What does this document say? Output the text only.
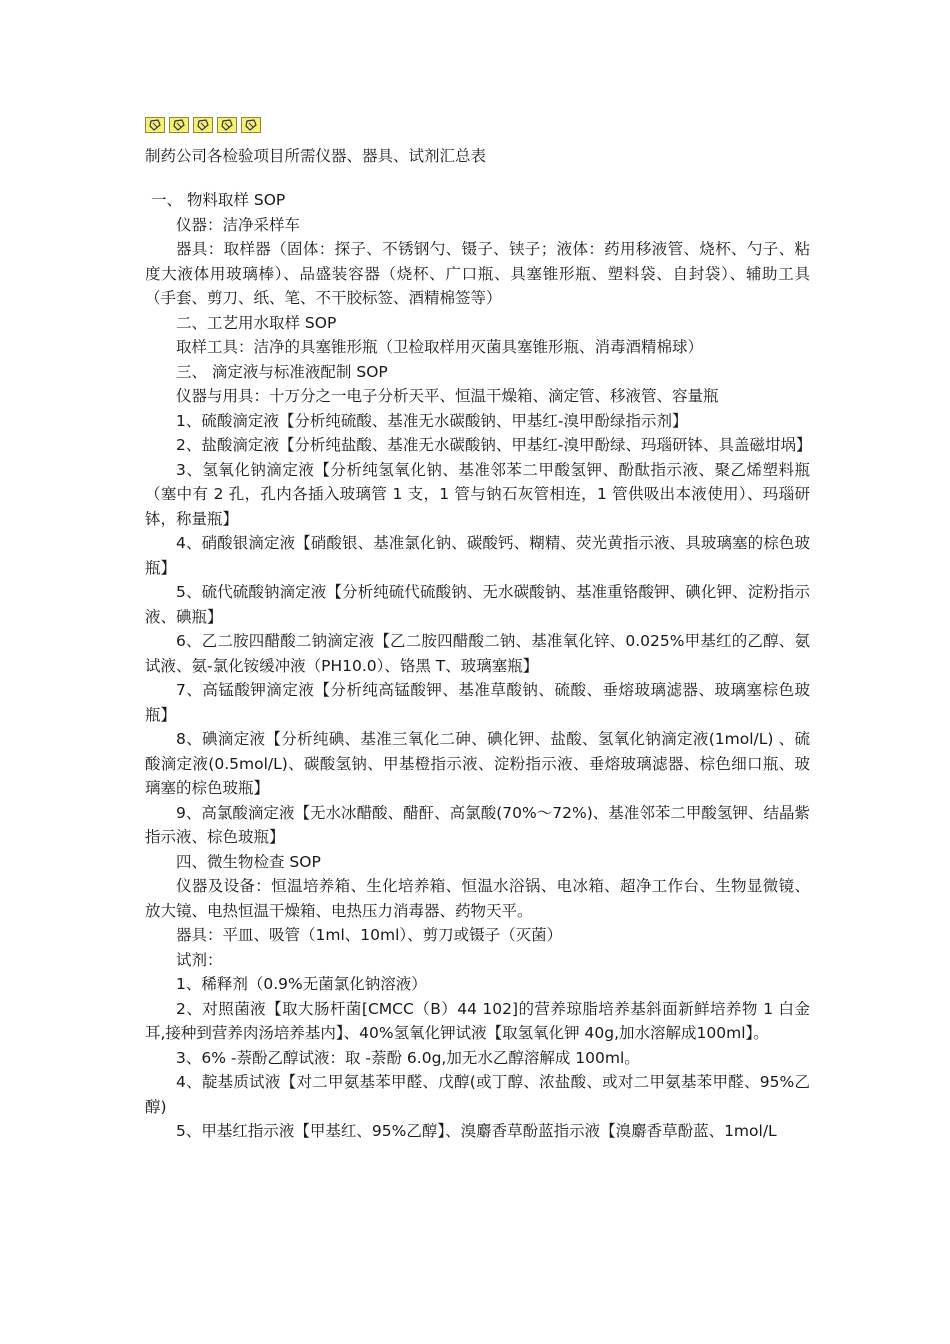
制药公司各检验项目所需仪器、器具、试剂汇总表

一、 物料取样 SOP

仪器：洁净采样车

器具：取样器（固体：探子、不锈钢勺、镊子、铗子；液体：药用移液管、烧杯、勺子、粘度大液体用玻璃棒）、品盛装容器（烧杯、广口瓶、具塞锥形瓶、塑料袋、自封袋）、辅助工具（手套、剪刀、纸、笔、不干胶标签、酒精棉签等）

二、工艺用水取样 SOP

取样工具：洁净的具塞锥形瓶（卫检取样用灭菌具塞锥形瓶、消毒酒精棉球）

三、 滴定液与标准液配制 SOP

仪器与用具：十万分之一电子分析天平、恒温干燥箱、滴定管、移液管、容量瓶

1、硫酸滴定液【分析纯硫酸、基准无水碳酸钠、甲基红-溴甲酚绿指示剂】

2、盐酸滴定液【分析纯盐酸、基准无水碳酸钠、甲基红-溴甲酚绿、玛瑙研钵、具盖磁坩埚】

3、氢氧化钠滴定液【分析纯氢氧化钠、基准邻苯二甲酸氢钾、酚酞指示液、聚乙烯塑料瓶（塞中有 2 孔，孔内各插入玻璃管 1 支，1 管与钠石灰管相连，1 管供吸出本液使用）、玛瑙研钵，称量瓶】

4、硝酸银滴定液【硝酸银、基准氯化钠、碳酸钙、糊精、荧光黄指示液、具玻璃塞的棕色玻瓶】

5、硫代硫酸钠滴定液【分析纯硫代硫酸钠、无水碳酸钠、基准重铬酸钾、碘化钾、淀粉指示液、碘瓶】

6、乙二胺四醋酸二钠滴定液【乙二胺四醋酸二钠、基准氧化锌、0.025%甲基红的乙醇、氨试液、氨-氯化铵缓冲液（PH10.0）、铬黑 T、玻璃塞瓶】

7、高锰酸钾滴定液【分析纯高锰酸钾、基准草酸钠、硫酸、垂熔玻璃滤器、玻璃塞棕色玻瓶】

8、碘滴定液【分析纯碘、基准三氧化二砷、碘化钾、盐酸、氢氧化钠滴定液(1mol/L) 、硫酸滴定液(0.5mol/L)、碳酸氢钠、甲基橙指示液、淀粉指示液、垂熔玻璃滤器、棕色细口瓶、玻璃塞的棕色玻瓶】

9、高氯酸滴定液【无水冰醋酸、醋酐、高氯酸(70%～72%)、基准邻苯二甲酸氢钾、结晶紫指示液、棕色玻瓶】

四、微生物检查 SOP

仪器及设备：恒温培养箱、生化培养箱、恒温水浴锅、电冰箱、超净工作台、生物显微镜、放大镜、电热恒温干燥箱、电热压力消毒器、药物天平。

器具：平皿、吸管（1ml、10ml）、剪刀或镊子（灭菌）

试剂：

1、稀释剂（0.9%无菌氯化钠溶液）

2、对照菌液【取大肠杆菌[CMCC（B）44 102]的营养琼脂培养基斜面新鲜培养物 1 白金耳,接种到营养肉汤培养基内】、40%氢氧化钾试液【取氢氧化钾 40g,加水溶解成100ml】。

3、6% -萘酚乙醇试液：取 -萘酚 6.0g,加无水乙醇溶解成 100ml。

4、靛基质试液【对二甲氨基苯甲醛、戊醇(或丁醇、浓盐酸、或对二甲氨基苯甲醛、95%乙醇)

5、甲基红指示液【甲基红、95%乙醇】、溴麝香草酚蓝指示液【溴麝香草酚蓝、1mol/L
